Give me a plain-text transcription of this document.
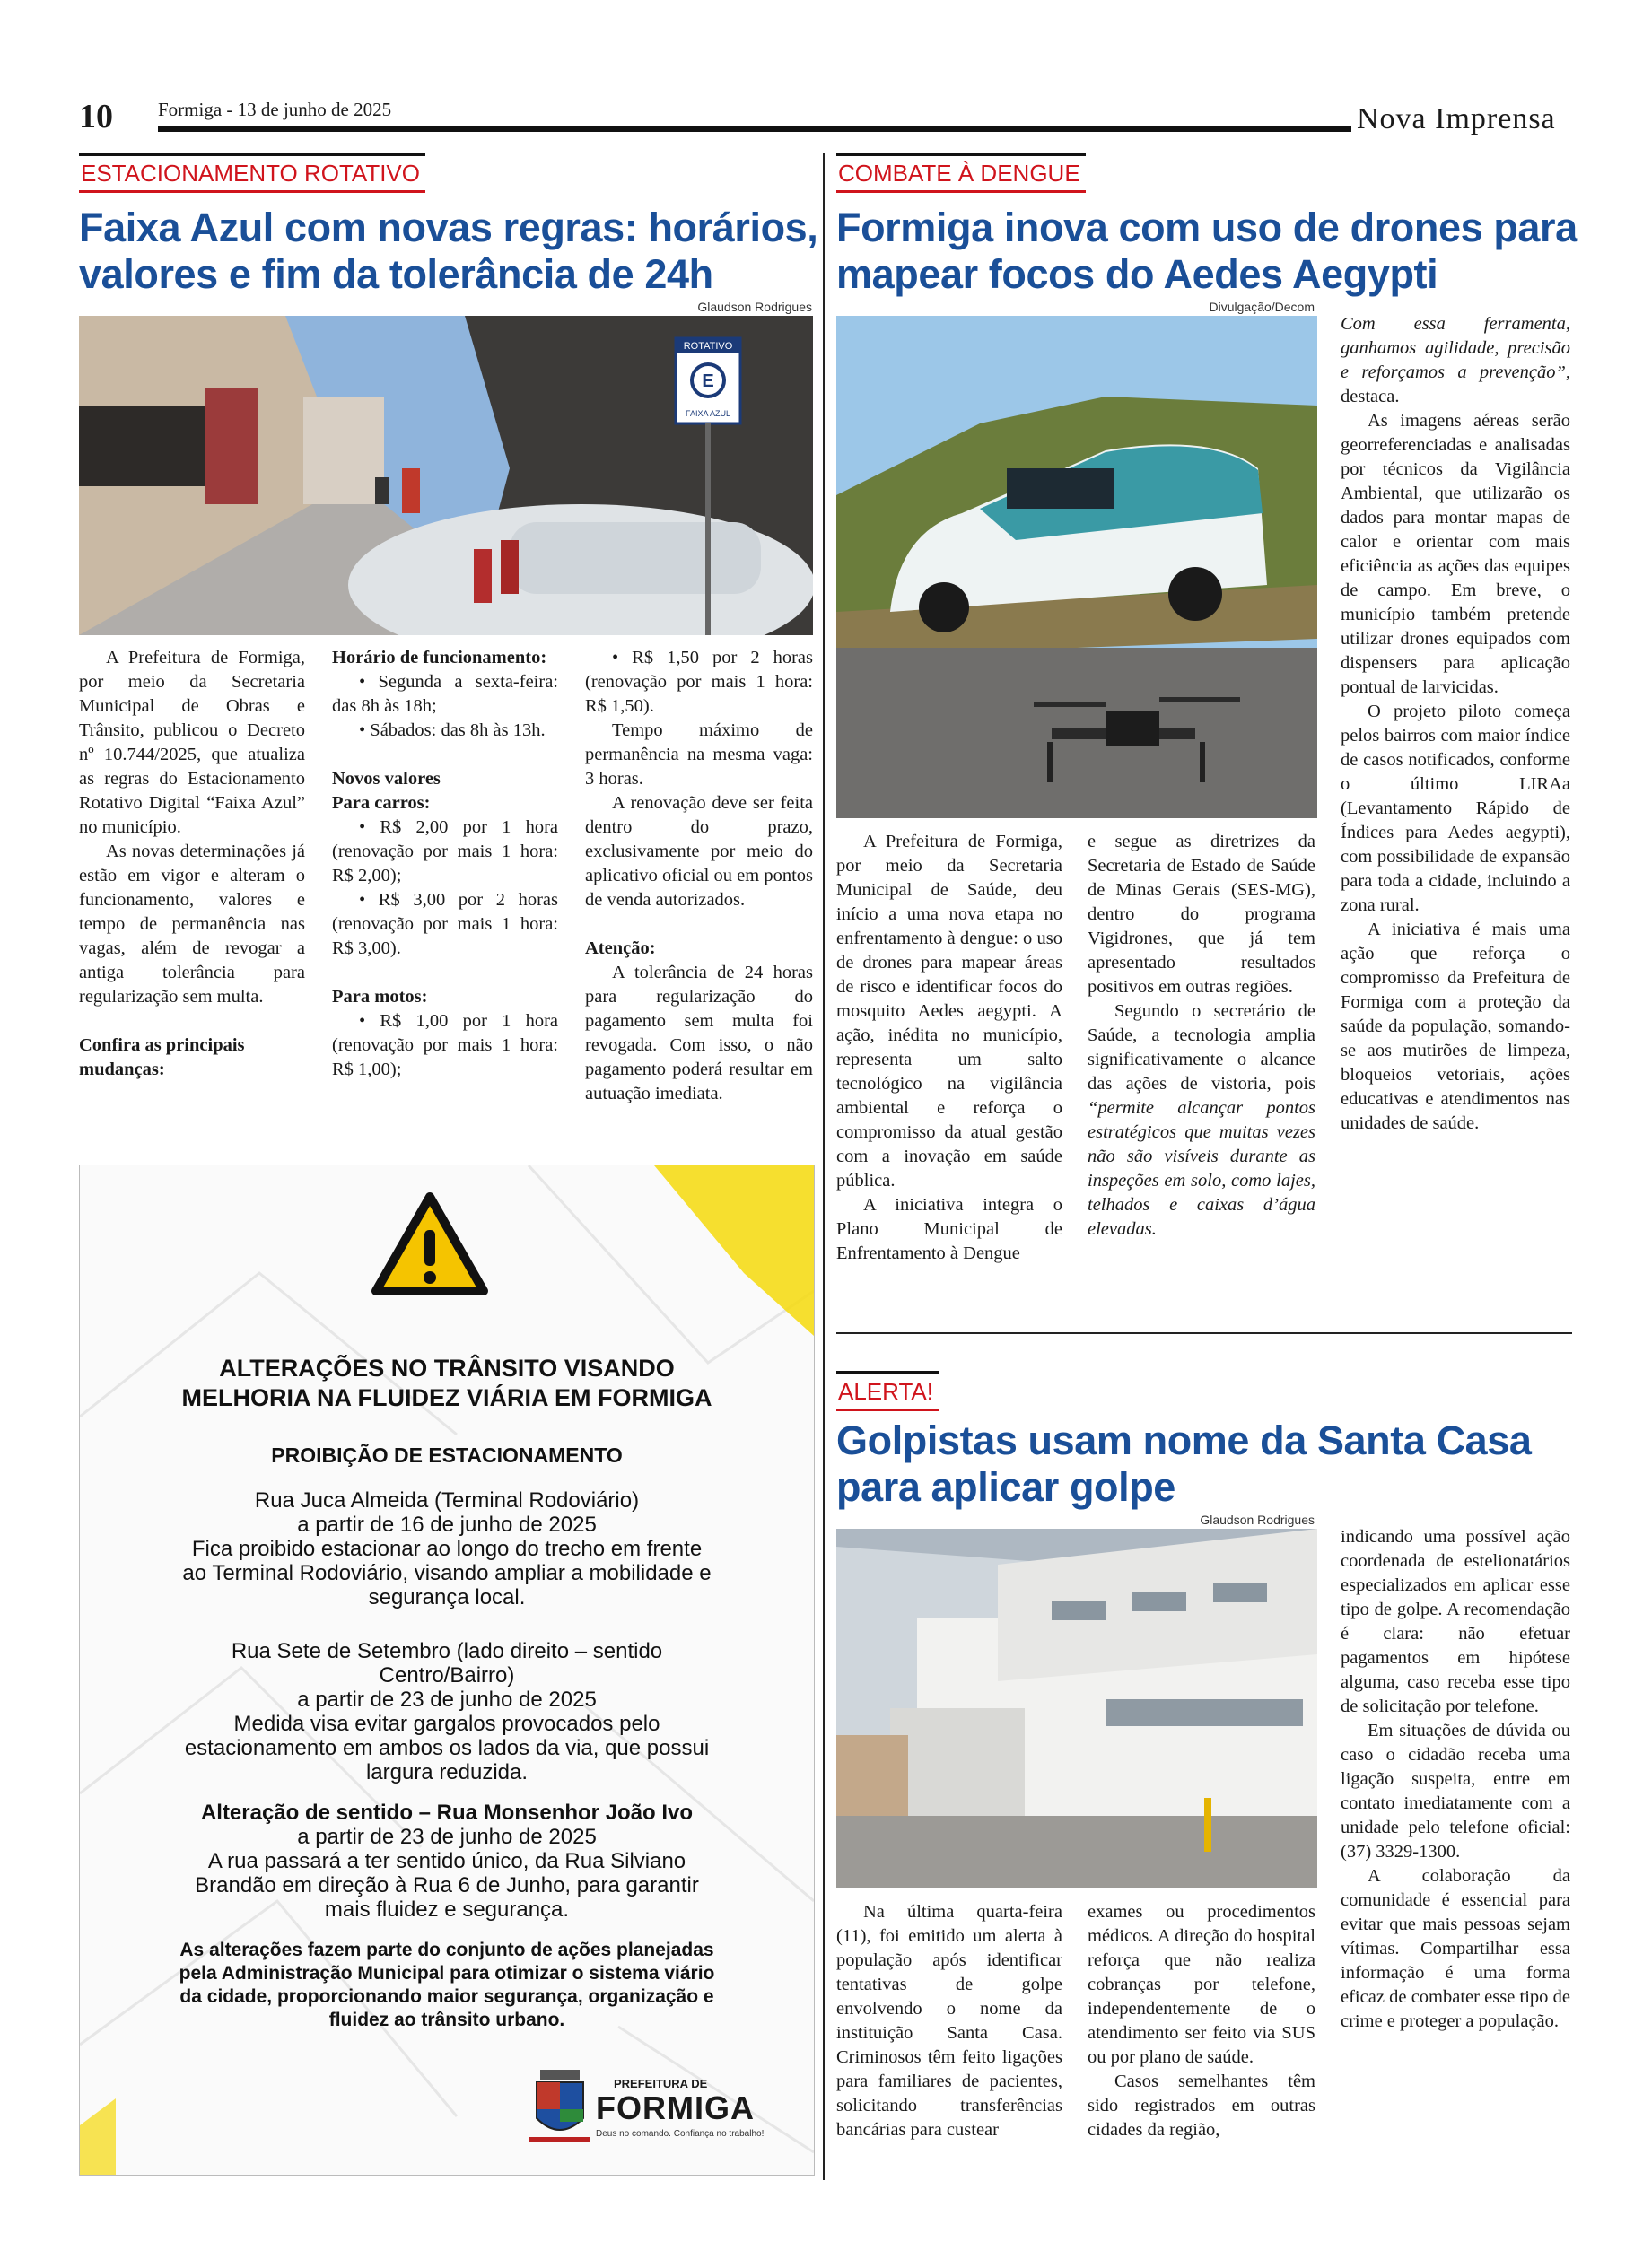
10 Formiga - 13 de junho de 2025	Nova Imprensa
ESTACIONAMENTO ROTATIVO
Faixa Azul com novas regras: horários,
valores e fim da tolerância de 24h
Glaudson Rodrigues
ROTATIVO
E
FAIXA AZUL

A Prefeitura de Formiga, por meio da Secretaria Municipal de Obras e Trânsito, publicou o Decreto nº 10.744/2025, que atualiza as regras do Estacionamento Rotativo Digital “Faixa Azul” no município.

As novas determinações já estão em vigor e alteram o funcionamento, valores e tempo de permanência nas vagas, além de revogar a antiga tolerância para regularização sem multa.

Confira as principais mudanças:

Horário de funcionamento:

• Segunda a sexta-feira: das 8h às 18h;

• Sábados: das 8h às 13h.

Novos valores

Para carros:

• R$ 2,00 por 1 hora (renovação por mais 1 hora: R$ 2,00);

• R$ 3,00 por 2 horas (renovação por mais 1 hora: R$ 3,00).

Para motos:

• R$ 1,00 por 1 hora (renovação por mais 1 hora: R$ 1,00);

• R$ 1,50 por 2 horas (renovação por mais 1 hora: R$ 1,50).

Tempo máximo de permanência na mesma vaga: 3 horas.

A renovação deve ser feita dentro do prazo, exclusivamente por meio do aplicativo oficial ou em pontos de venda autorizados.

Atenção:

A tolerância de 24 horas para regularização do pagamento sem multa foi revogada. Com isso, o não pagamento poderá resultar em autuação imediata.

ALTERAÇÕES NO TRÂNSITO VISANDO
MELHORIA NA FLUIDEZ VIÁRIA EM FORMIGA
PROIBIÇÃO DE ESTACIONAMENTO
Rua Juca Almeida (Terminal Rodoviário)
a partir de 16 de junho de 2025
Fica proibido estacionar ao longo do trecho em frente
ao Terminal Rodoviário, visando ampliar a mobilidade e
segurança local.
Rua Sete de Setembro (lado direito – sentido
Centro/Bairro)
a partir de 23 de junho de 2025
Medida visa evitar gargalos provocados pelo
estacionamento em ambos os lados da via, que possui
largura reduzida.
Alteração de sentido – Rua Monsenhor João Ivo
a partir de 23 de junho de 2025
A rua passará a ter sentido único, da Rua Silviano
Brandão em direção à Rua 6 de Junho, para garantir
mais fluidez e segurança.
As alterações fazem parte do conjunto de ações planejadas
pela Administração Municipal para otimizar o sistema viário
da cidade, proporcionando maior segurança, organização e
fluidez ao trânsito urbano.
PREFEITURA DE
FORMIGA
Deus no comando. Confiança no trabalho!
COMBATE À DENGUE
Formiga inova com uso de drones para
mapear focos do Aedes Aegypti
Divulgação/Decom

A Prefeitura de Formiga, por meio da Secretaria Municipal de Saúde, deu início a uma nova etapa no enfrentamento à dengue: o uso de drones para mapear áreas de risco e identificar focos do mosquito Aedes aegypti. A ação, inédita no município, representa um salto tecnológico na vigilância ambiental e reforça o compromisso da atual gestão com a inovação em saúde pública.

A iniciativa integra o Plano Municipal de Enfrentamento à Dengue

e segue as diretrizes da Secretaria de Estado de Saúde de Minas Gerais (SES-MG), dentro do programa Vigidrones, que já tem apresentado resultados positivos em outras regiões.

Segundo o secretário de Saúde, a tecnologia amplia significativamente o alcance das ações de vistoria, pois “permite alcançar pontos estratégicos que muitas vezes não são visíveis durante as inspeções em solo, como lajes, telhados e caixas d’água elevadas.

Com essa ferramenta, ganhamos agilidade, precisão e reforçamos a prevenção”, destaca.

As imagens aéreas serão georreferenciadas e analisadas por técnicos da Vigilância Ambiental, que utilizarão os dados para montar mapas de calor e orientar com mais eficiência as ações das equipes de campo. Em breve, o município também pretende utilizar drones equipados com dispensers para aplicação pontual de larvicidas.

O projeto piloto começa pelos bairros com maior índice de casos notificados, conforme o último LIRAa (Levantamento Rápido de Índices para Aedes aegypti), com possibilidade de expansão para toda a cidade, incluindo a zona rural.

A iniciativa é mais uma ação que reforça o compromisso da Prefeitura de Formiga com a proteção da saúde da população, somando-se aos mutirões de limpeza, bloqueios vetoriais, ações educativas e atendimentos nas unidades de saúde.

ALERTA!
Golpistas usam nome da Santa Casa
para aplicar golpe
Glaudson Rodrigues

Na última quarta-feira (11), foi emitido um alerta à população após identificar tentativas de golpe envolvendo o nome da instituição Santa Casa. Criminosos têm feito ligações para familiares de pacientes, solicitando transferências bancárias para custear

exames ou procedimentos médicos. A direção do hospital reforça que não realiza cobranças por telefone, independentemente de o atendimento ser feito via SUS ou por plano de saúde.

Casos semelhantes têm sido registrados em outras cidades da região,

indicando uma possível ação coordenada de estelionatários especializados em aplicar esse tipo de golpe. A recomendação é clara: não efetuar pagamentos em hipótese alguma, caso receba esse tipo de solicitação por telefone.

Em situações de dúvida ou caso o cidadão receba uma ligação suspeita, entre em contato imediatamente com a unidade pelo telefone oficial: (37) 3329-1300.

A colaboração da comunidade é essencial para evitar que mais pessoas sejam vítimas. Compartilhar essa informação é uma forma eficaz de combater esse tipo de crime e proteger a população.
